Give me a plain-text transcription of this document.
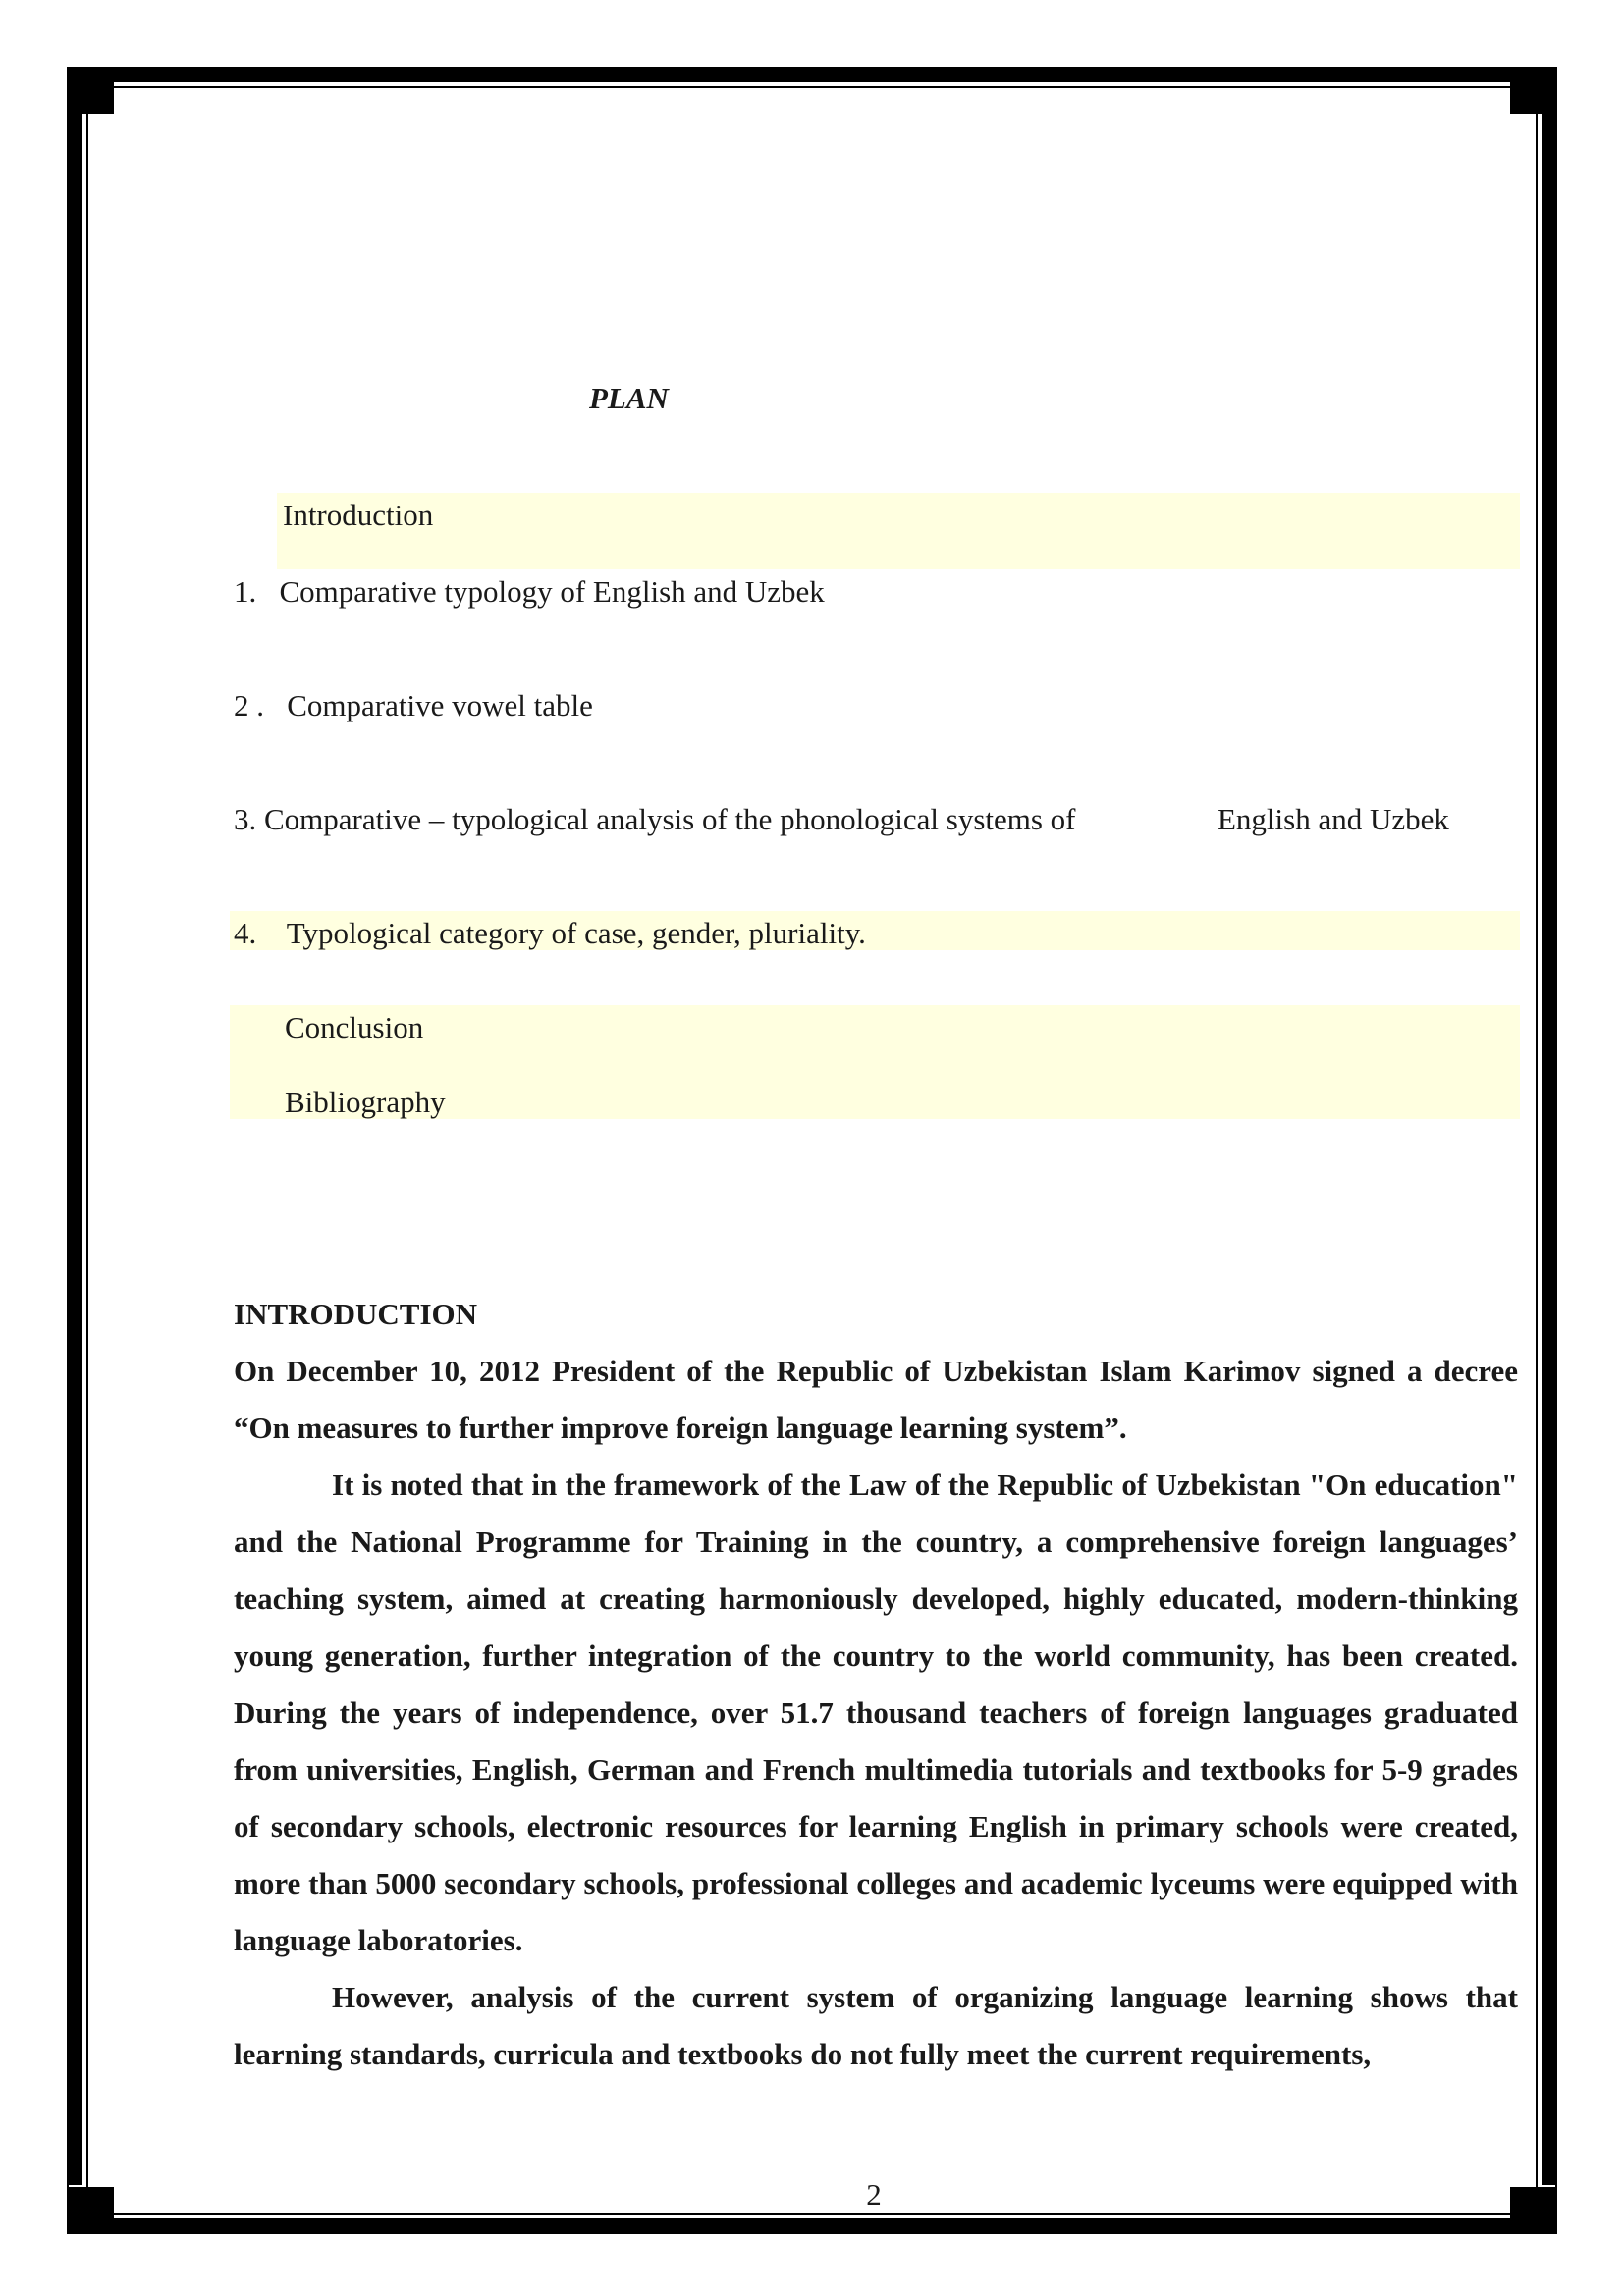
PLAN
Introduction
1.   Comparative typology of English and Uzbek
2 .   Comparative vowel table
3. Comparative – typological analysis of the phonological systems of	English and Uzbek
4.    Typological category of case, gender, pluriality.
Conclusion
Bibliography

INTRODUCTION

On December 10, 2012 President of the Republic of Uzbekistan Islam Karimov signed a decree “On measures to further improve foreign language learning system”.

It is noted that in the framework of the Law of the Republic of Uzbekistan "On education" and the National Programme for Training in the country, a comprehensive foreign languages’ teaching system, aimed at creating harmoniously developed, highly educated, modern-thinking young generation, further integration of the country to the world community, has been created. During the years of independence, over 51.7 thousand teachers of foreign languages graduated from universities, English, German and French multimedia tutorials and textbooks for 5-9 grades of secondary schools, electronic resources for learning English in primary schools were created, more than 5000 secondary schools, professional colleges and academic lyceums were equipped with language laboratories.

However, analysis of the current system of organizing language learning shows that learning standards, curricula and textbooks do not fully meet the current requirements,

2
